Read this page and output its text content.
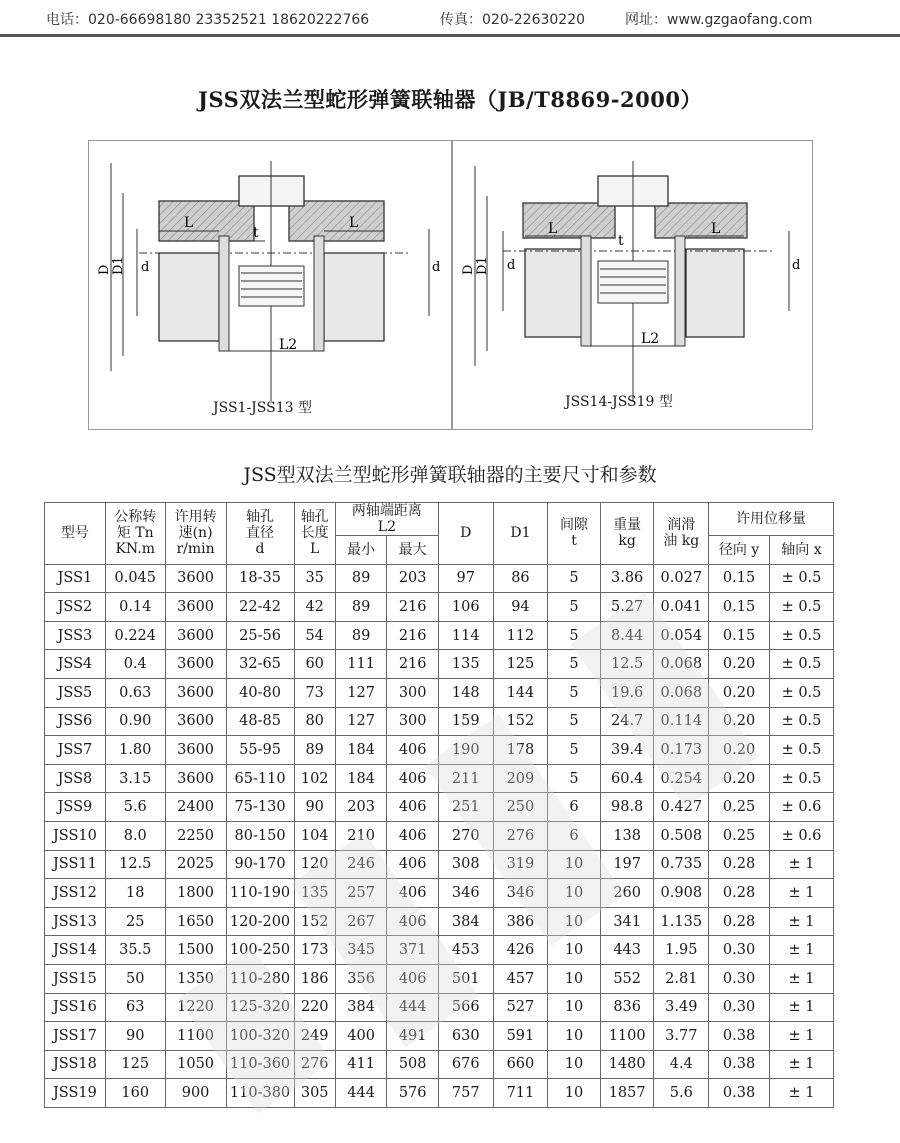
电话：020-66698180 23352521 18620222766	传真：020-22630220	网址：www.gzgaofang.com
JSS双法兰型蛇形弹簧联轴器（JB/T8869-2000）
D D1 d	d
L	L
t
L2
JSS1-JSS13 型
D D1 d	d
L	L
t
L2
JSS14-JSS19 型
JSS型双法兰型蛇形弹簧联轴器的主要尺寸和参数
型号	公称转
矩 Tn
KN.m	许用转
速(n)
r/min	轴孔
直径
d	轴孔
长度
L	两轴端距离
L2		D	D1	间隙
t	重量
kg	润滑
油 kg	许用位移量	

					最小	最大						径向 y	轴向 x
JSS1	0.045	3600	18-35	35	89	203	97	86	5	3.86	0.027	0.15	± 0.5
JSS2	0.14	3600	22-42	42	89	216	106	94	5	5.27	0.041	0.15	± 0.5
JSS3	0.224	3600	25-56	54	89	216	114	112	5	8.44	0.054	0.15	± 0.5
JSS4	0.4	3600	32-65	60	111	216	135	125	5	12.5	0.068	0.20	± 0.5
JSS5	0.63	3600	40-80	73	127	300	148	144	5	19.6	0.068	0.20	± 0.5
JSS6	0.90	3600	48-85	80	127	300	159	152	5	24.7	0.114	0.20	± 0.5
JSS7	1.80	3600	55-95	89	184	406	190	178	5	39.4	0.173	0.20	± 0.5
JSS8	3.15	3600	65-110	102	184	406	211	209	5	60.4	0.254	0.20	± 0.5
JSS9	5.6	2400	75-130	90	203	406	251	250	6	98.8	0.427	0.25	± 0.6
JSS10	8.0	2250	80-150	104	210	406	270	276	6	138	0.508	0.25	± 0.6
JSS11	12.5	2025	90-170	120	246	406	308	319	10	197	0.735	0.28	± 1
JSS12	18	1800	110-190	135	257	406	346	346	10	260	0.908	0.28	± 1
JSS13	25	1650	120-200	152	267	406	384	386	10	341	1.135	0.28	± 1
JSS14	35.5	1500	100-250	173	345	371	453	426	10	443	1.95	0.30	± 1
JSS15	50	1350	110-280	186	356	406	501	457	10	552	2.81	0.30	± 1
JSS16	63	1220	125-320	220	384	444	566	527	10	836	3.49	0.30	± 1
JSS17	90	1100	100-320	249	400	491	630	591	10	1100	3.77	0.38	± 1
JSS18	125	1050	110-360	276	411	508	676	660	10	1480	4.4	0.38	± 1
JSS19	160	900	110-380	305	444	576	757	711	10	1857	5.6	0.38	± 1
